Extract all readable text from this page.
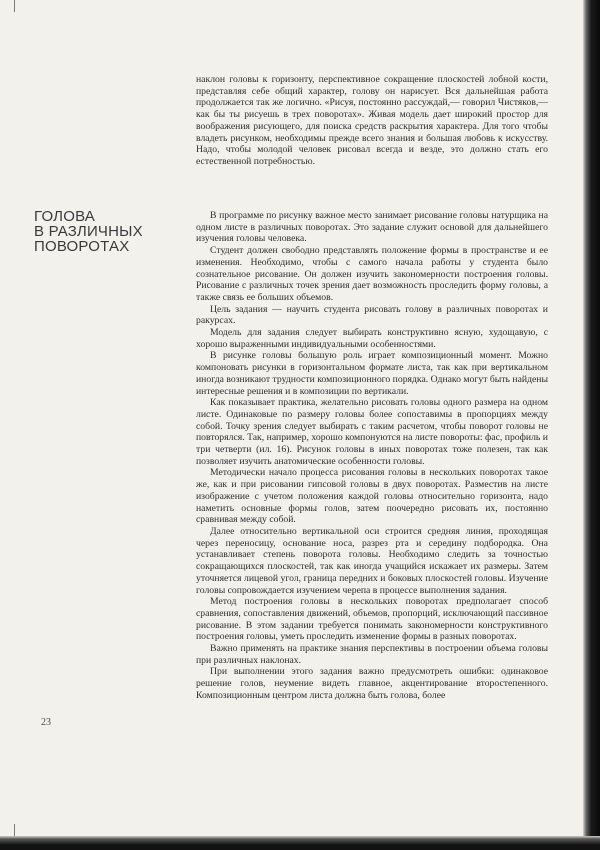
наклон головы к горизонту, перспективное сокращение плоскостей лобной кости, представляя себе общий характер, голову он нарисует. Вся дальнейшая работа продолжается так же логично. «Рисуя, постоянно рассуждай,— говорил Чистяков,— как бы ты рисуешь в трех поворотах». Живая модель дает широкий простор для воображения рисующего, для поиска средств раскрытия характера. Для того чтобы владеть рисунком, необходимы прежде всего знания и большая любовь к искусству. Надо, чтобы молодой человек рисовал всегда и везде, это должно стать его естественной потребностью.

ГОЛОВА
В РАЗЛИЧНЫХ
ПОВОРОТАХ

В программе по рисунку важное место занимает рисование головы натурщика на одном листе в различных поворотах. Это задание служит основой для дальнейшего изучения головы человека.

Студент должен свободно представлять положение формы в пространстве и ее изменения. Необходимо, чтобы с самого начала работы у студента было сознательное рисование. Он должен изучить закономерности построения головы. Рисование с различных точек зрения дает возможность проследить форму головы, а также связь ее больших объемов.

Цель задания — научить студента рисовать голову в различных поворотах и ракурсах.

Модель для задания следует выбирать конструктивно ясную, худощавую, с хорошо выраженными индивидуальными особенностями.

В рисунке головы большую роль играет композиционный момент. Можно компоновать рисунки в горизонтальном формате листа, так как при вертикальном иногда возникают трудности композиционного порядка. Однако могут быть найдены интересные решения и в композиции по вертикали.

Как показывает практика, желательно рисовать головы одного размера на одном листе. Одинаковые по размеру головы более сопоставимы в пропорциях между собой. Точку зрения следует выбирать с таким расчетом, чтобы поворот головы не повторялся. Так, например, хорошо компонуются на листе повороты: фас, профиль и три четверти (ил. 16). Рисунок головы в иных поворотах тоже полезен, так как позволяет изучить анатомические особенности головы.

Методически начало процесса рисования головы в нескольких поворотах такое же, как и при рисовании гипсовой головы в двух поворотах. Разместив на листе изображение с учетом положения каждой головы относительно горизонта, надо наметить основные формы голов, затем поочередно рисовать их, постоянно сравнивая между собой.

Далее относительно вертикальной оси строится средняя линия, проходящая через переносицу, основание носа, разрез рта и середину подбородка. Она устанавливает степень поворота головы. Необходимо следить за точностью сокращающихся плоскостей, так как иногда учащийся искажает их размеры. Затем уточняется лицевой угол, граница передних и боковых плоскостей головы. Изучение головы сопровождается изучением черепа в процессе выполнения задания.

Метод построения головы в нескольких поворотах предполагает способ сравнения, сопоставления движений, объемов, пропорций, исключающий пассивное рисование. В этом задании требуется понимать закономерности конструктивного построения головы, уметь проследить изменение формы в разных поворотах.

Важно применять на практике знания перспективы в построении объема головы при различных наклонах.

При выполнении этого задания важно предусмотреть ошибки: одинаковое решение голов, неумение видеть главное, акцентирование второстепенного. Композиционным центром листа должна быть голова, более

23
